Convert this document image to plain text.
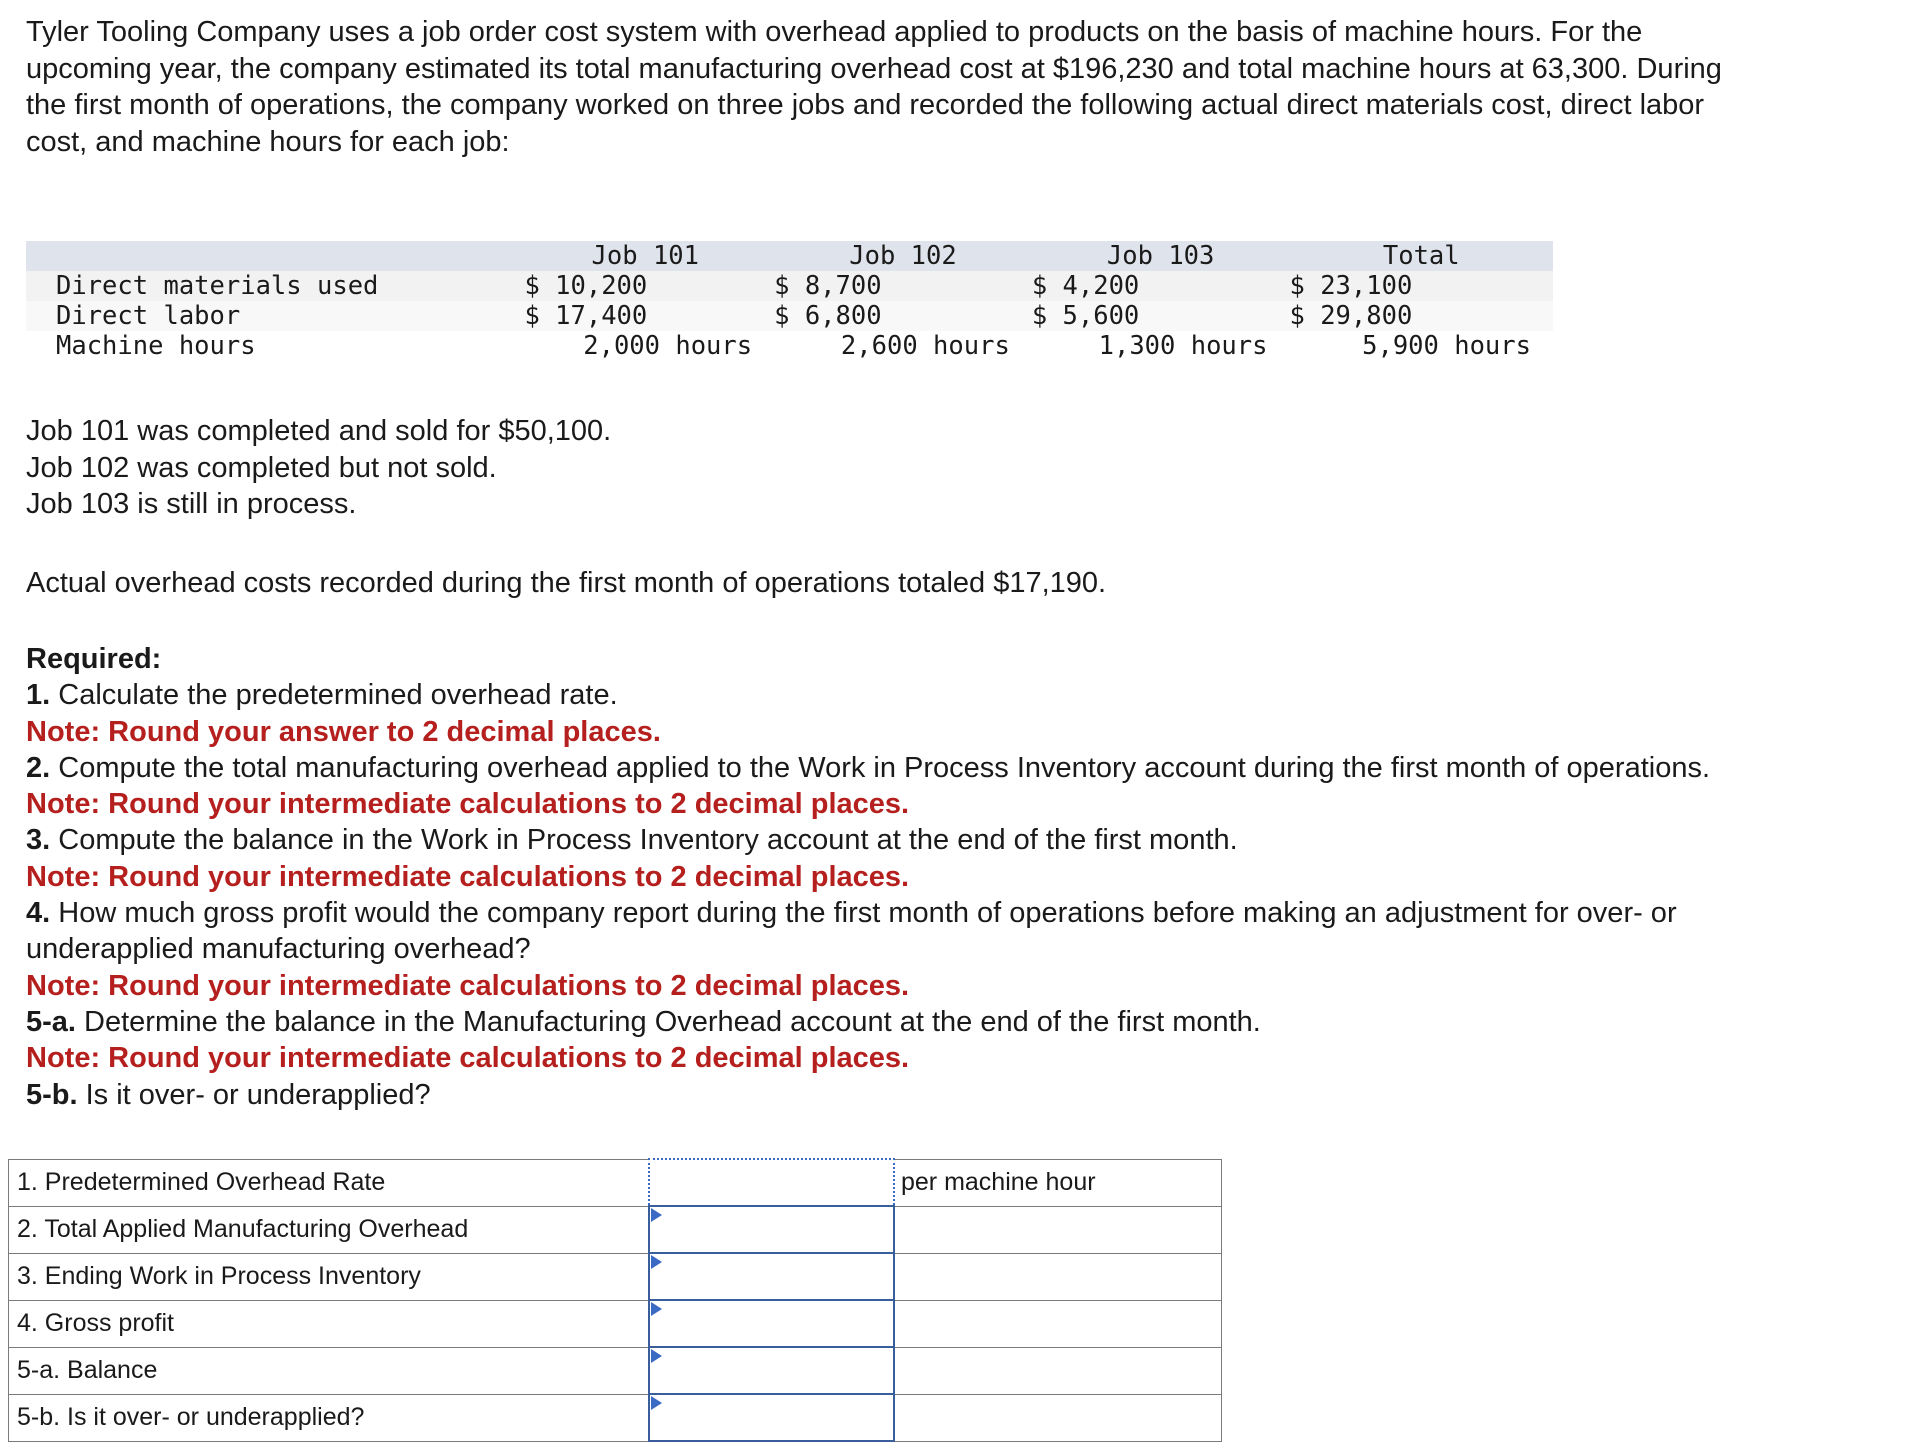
Tyler Tooling Company uses a job order cost system with overhead applied to products on the basis of machine hours. For the

upcoming year, the company estimated its total manufacturing overhead cost at $196,230 and total machine hours at 63,300. During

the first month of operations, the company worked on three jobs and recorded the following actual direct materials cost, direct labor

cost, and machine hours for each job:

	Job 101	Job 102	Job 103	Total
Direct materials used	$ 10,200	$ 8,700	$ 4,200	$ 23,100
Direct labor	$ 17,400	$ 6,800	$ 5,600	$ 29,800
Machine hours	2,000 hours	2,600 hours	1,300 hours	5,900 hours

Job 101 was completed and sold for $50,100.

Job 102 was completed but not sold.

Job 103 is still in process.

Actual overhead costs recorded during the first month of operations totaled $17,190.

Required:

1. Calculate the predetermined overhead rate.

Note: Round your answer to 2 decimal places.

2. Compute the total manufacturing overhead applied to the Work in Process Inventory account during the first month of operations.

Note: Round your intermediate calculations to 2 decimal places.

3. Compute the balance in the Work in Process Inventory account at the end of the first month.

Note: Round your intermediate calculations to 2 decimal places.

4. How much gross profit would the company report during the first month of operations before making an adjustment for over- or

underapplied manufacturing overhead?

Note: Round your intermediate calculations to 2 decimal places.

5-a. Determine the balance in the Manufacturing Overhead account at the end of the first month.

Note: Round your intermediate calculations to 2 decimal places.

5-b. Is it over- or underapplied?

1. Predetermined Overhead Rate		per machine hour
2. Total Applied Manufacturing Overhead	

3. Ending Work in Process Inventory	

4. Gross profit	

5-a. Balance	

5-b. Is it over- or underapplied?	
